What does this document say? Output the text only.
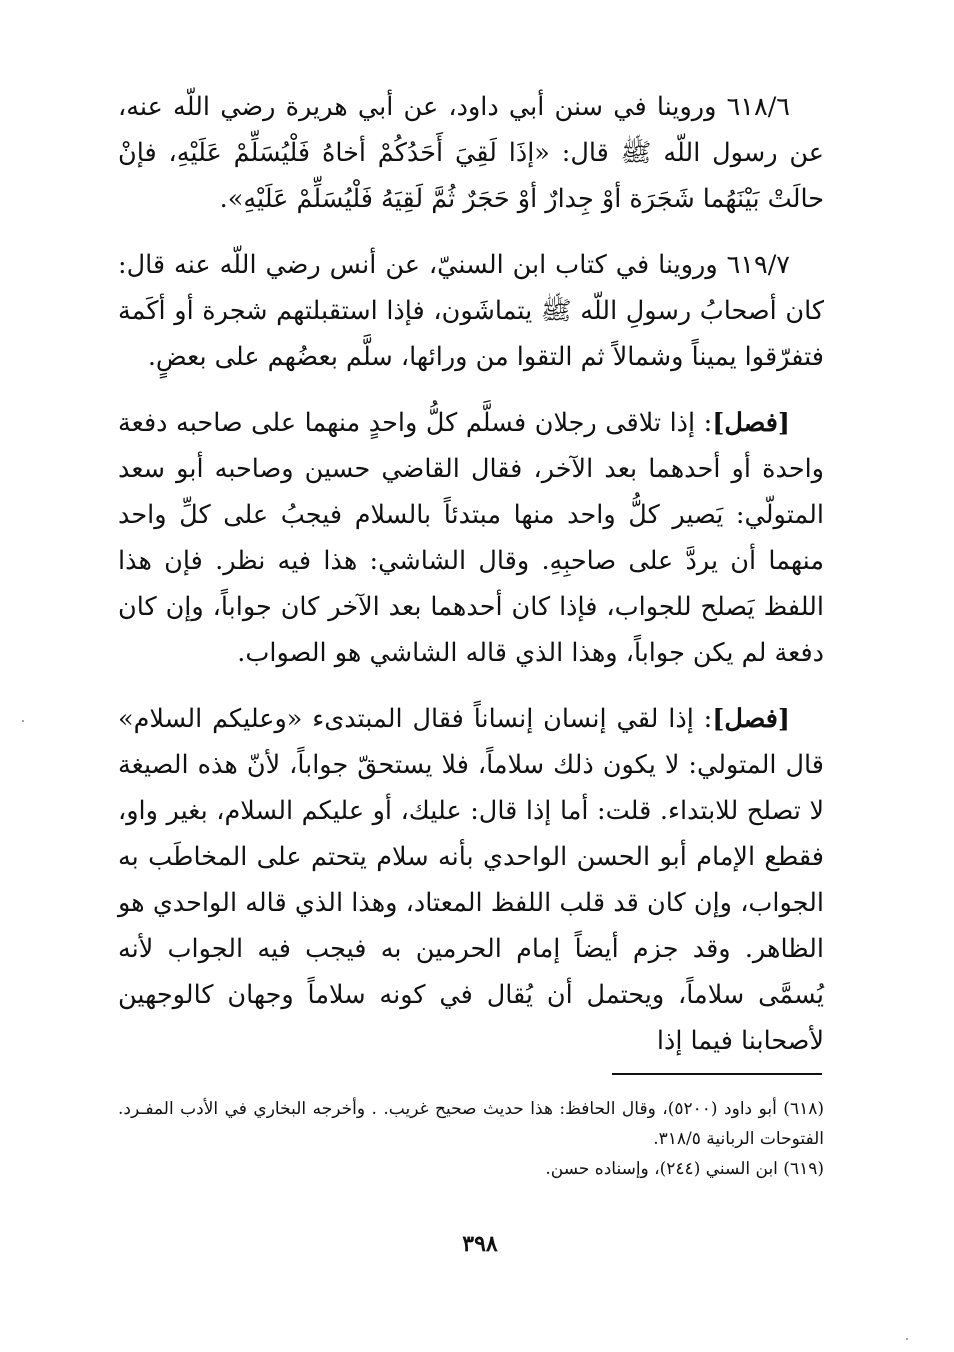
٦١٨/٦ وروينا في سنن أبي داود، عن أبي هريرة رضي اللّه عنه، عن رسول اللّه ﷺ قال: «إذَا لَقِيَ أَحَدُكُمْ أخاهُ فَلْيُسَلِّمْ عَلَيْهِ، فإنْ حالَتْ بَيْنَهُما شَجَرَة أوْ جِدارٌ أوْ حَجَرٌ ثُمَّ لَقِيَهُ فَلْيُسَلِّمْ عَلَيْهِ».

٦١٩/٧ وروينا في كتاب ابن السنيّ، عن أنس رضي اللّه عنه قال: كان أصحابُ رسولِ اللّه ﷺ يتماشَون، فإذا استقبلتهم شجرة أو أكَمة فتفرّقوا يميناً وشمالاً ثم التقوا من ورائها، سلَّم بعضُهم على بعضٍ.

[فصل]: إذا تلاقى رجلان فسلَّم كلُّ واحدٍ منهما على صاحبه دفعة واحدة أو أحدهما بعد الآخر، فقال القاضي حسين وصاحبه أبو سعد المتولّي: يَصير كلُّ واحد منها مبتدئاً بالسلام فيجبُ على كلِّ واحد منهما أن يردَّ على صاحبِهِ. وقال الشاشي: هذا فيه نظر. فإن هذا اللفظ يَصلح للجواب، فإذا كان أحدهما بعد الآخر كان جواباً، وإن كان دفعة لم يكن جواباً، وهذا الذي قاله الشاشي هو الصواب.

[فصل]: إذا لقي إنسان إنساناً فقال المبتدىء «وعليكم السلام» قال المتولي: لا يكون ذلك سلاماً، فلا يستحقّ جواباً، لأنّ هذه الصيغة لا تصلح للابتداء. قلت: أما إذا قال: عليك، أو عليكم السلام، بغير واو، فقطع الإمام أبو الحسن الواحدي بأنه سلام يتحتم على المخاطَب به الجواب، وإن كان قد قلب اللفظ المعتاد، وهذا الذي قاله الواحدي هو الظاهر. وقد جزم أيضاً إمام الحرمين به فيجب فيه الجواب لأنه يُسمَّى سلاماً، ويحتمل أن يُقال في كونه سلاماً وجهان كالوجهين لأصحابنا فيما إذا

(٦١٨) أبو داود (٥٢٠٠)، وقال الحافظ: هذا حديث صحيح غريب. . وأخرجه البخاري في الأدب المفـرد. الفتوحات الربانية ٣١٨/٥.

(٦١٩) ابن السني (٢٤٤)، وإسناده حسن.

٣٩٨
